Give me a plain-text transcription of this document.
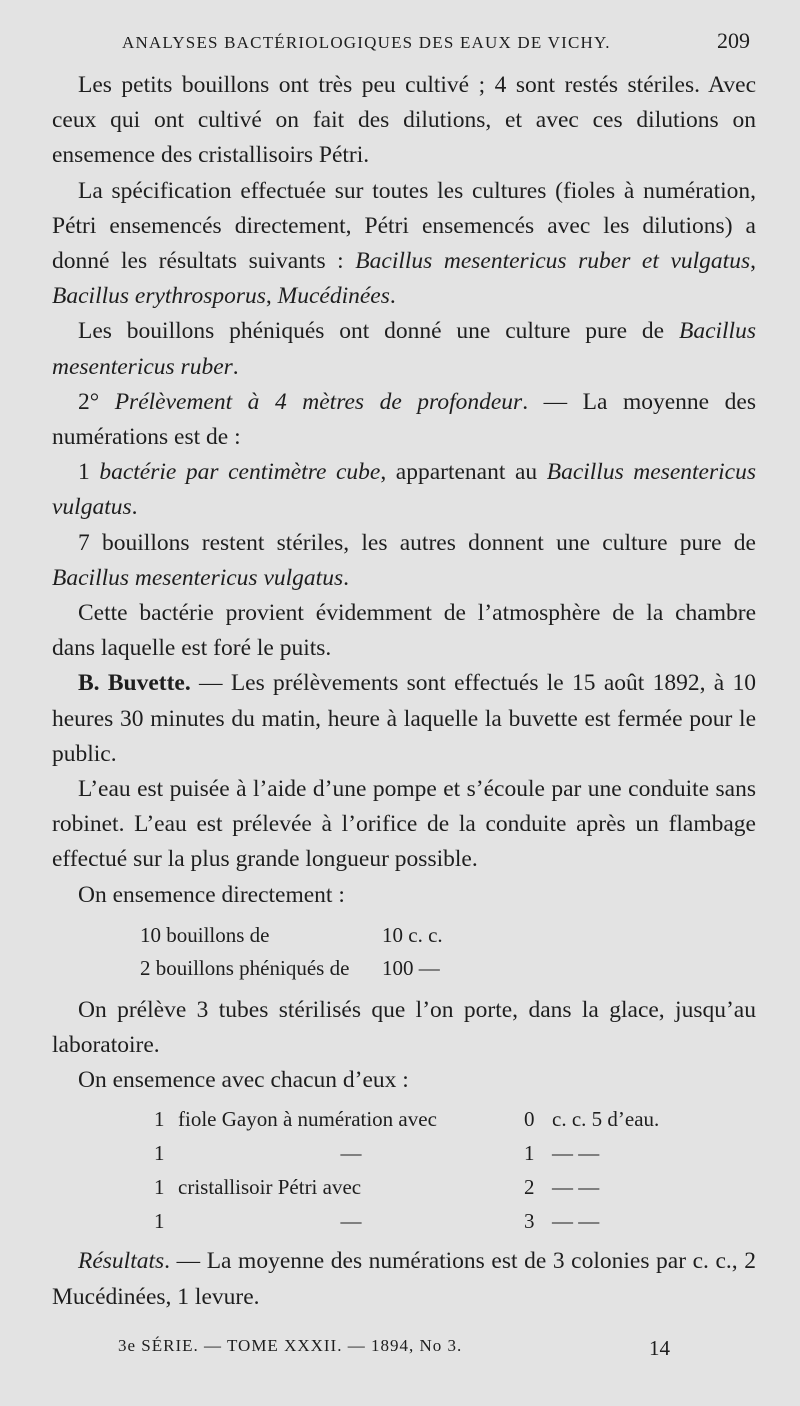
ANALYSES BACTÉRIOLOGIQUES DES EAUX DE VICHY.	209

Les petits bouillons ont très peu cultivé ; 4 sont restés stériles. Avec ceux qui ont cultivé on fait des dilutions, et avec ces dilutions on ensemence des cristallisoirs Pétri.

La spécification effectuée sur toutes les cultures (fioles à numération, Pétri ensemencés directement, Pétri ensemencés avec les dilutions) a donné les résultats suivants : Bacillus mesentericus ruber et vulgatus, Bacillus erythrosporus, Mucédinées.

Les bouillons phéniqués ont donné une culture pure de Bacillus mesentericus ruber.

2° Prélèvement à 4 mètres de profondeur. — La moyenne des numérations est de :

1 bactérie par centimètre cube, appartenant au Bacillus mesentericus vulgatus.

7 bouillons restent stériles, les autres donnent une culture pure de Bacillus mesentericus vulgatus.

Cette bactérie provient évidemment de l’atmosphère de la chambre dans laquelle est foré le puits.

B. Buvette. — Les prélèvements sont effectués le 15 août 1892, à 10 heures 30 minutes du matin, heure à laquelle la buvette est fermée pour le public.

L’eau est puisée à l’aide d’une pompe et s’écoule par une conduite sans robinet. L’eau est prélevée à l’orifice de la conduite après un flambage effectué sur la plus grande longueur possible.

On ensemence directement :

10 bouillons de	10 c. c.
2 bouillons phéniqués de	100 —

On prélève 3 tubes stérilisés que l’on porte, dans la glace, jusqu’au laboratoire.

On ensemence avec chacun d’eux :

1 fiole Gayon à numération avec	0 c. c. 5 d’eau.
1	—	1 — —
1 cristallisoir Pétri avec	2 — —
1	—	3 — —

Résultats. — La moyenne des numérations est de 3 colonies par c. c., 2 Mucédinées, 1 levure.

3e SÉRIE. — TOME XXXII. — 1894, No 3.	14
